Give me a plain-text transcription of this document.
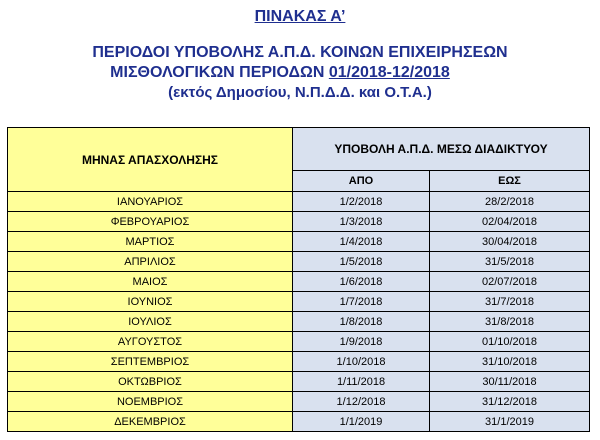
ΠΙΝΑΚΑΣ Α’
ΠΕΡΙΟΔΟΙ ΥΠΟΒΟΛΗΣ Α.Π.Δ. ΚΟΙΝΩΝ ΕΠΙΧΕΙΡΗΣΕΩΝ

ΜΙΣΘΟΛΟΓΙΚΩΝ ΠΕΡΙΟΔΩΝ 01/2018-12/2018
(εκτός Δημοσίου, Ν.Π.Δ.Δ. και Ο.Τ.Α.)
ΜΗΝΑΣ ΑΠΑΣΧΟΛΗΣΗΣ	ΥΠΟΒΟΛΗ Α.Π.Δ. ΜΕΣΩ ΔΙΑΔΙΚΤΥΟΥ	
	ΑΠΟ	ΕΩΣ
ΙΑΝΟΥΑΡΙΟΣ	1/2/2018	28/2/2018
ΦΕΒΡΟΥΑΡΙΟΣ	1/3/2018	02/04/2018
ΜΑΡΤΙΟΣ	1/4/2018	30/04/2018
ΑΠΡΙΛΙΟΣ	1/5/2018	31/5/2018
ΜΑΙΟΣ	1/6/2018	02/07/2018
ΙΟΥΝΙΟΣ	1/7/2018	31/7/2018
ΙΟΥΛΙΟΣ	1/8/2018	31/8/2018
ΑΥΓΟΥΣΤΟΣ	1/9/2018	01/10/2018
ΣΕΠΤΕΜΒΡΙΟΣ	1/10/2018	31/10/2018
ΟΚΤΩΒΡΙΟΣ	1/11/2018	30/11/2018
ΝΟΕΜΒΡΙΟΣ	1/12/2018	31/12/2018
ΔΕΚΕΜΒΡΙΟΣ	1/1/2019	31/1/2019
